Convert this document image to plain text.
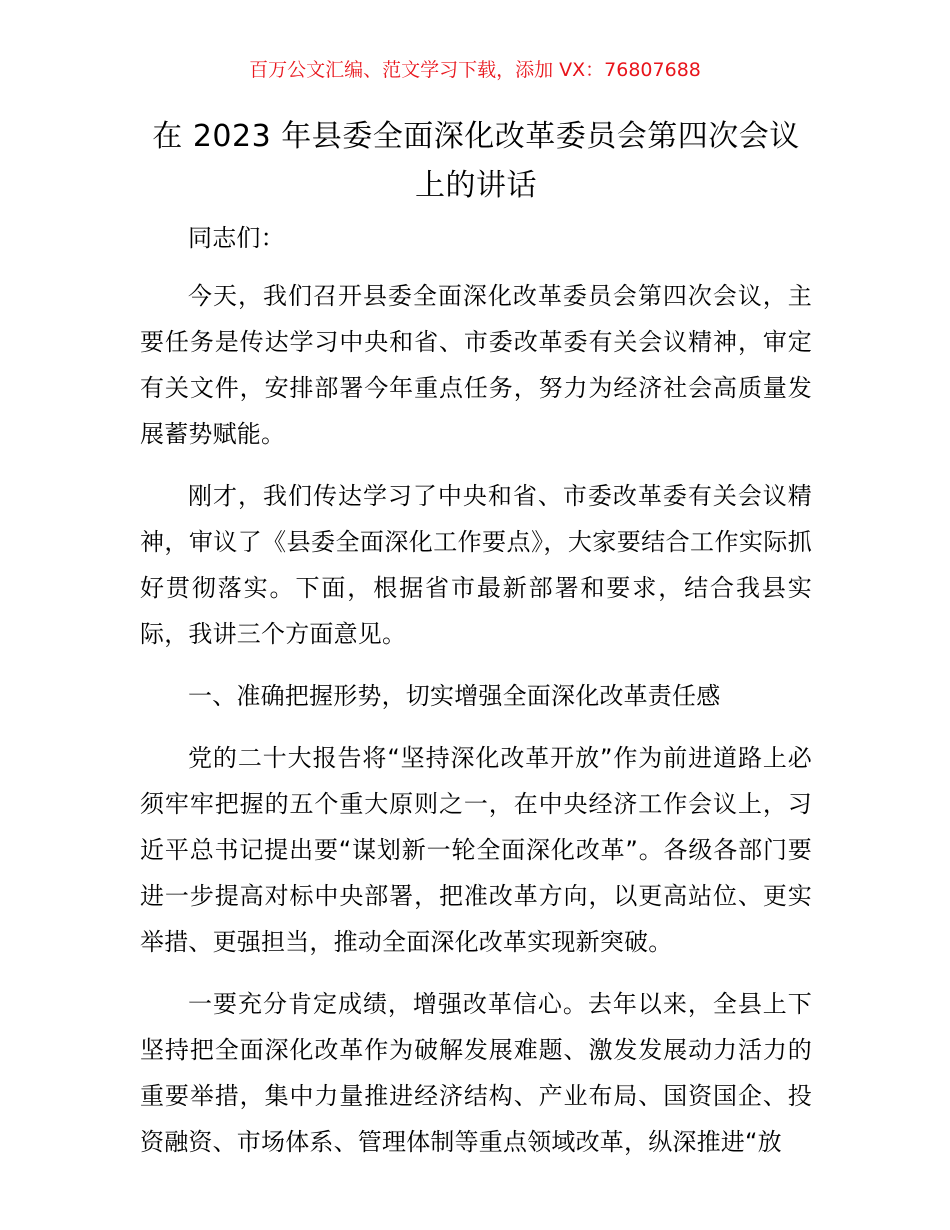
百万公文汇编、范文学习下载，添加 VX：76807688
在 2023 年县委全面深化改革委员会第四次会议上的讲话

同志们：

今天，我们召开县委全面深化改革委员会第四次会议，主要任务是传达学习中央和省、市委改革委有关会议精神，审定有关文件，安排部署今年重点任务，努力为经济社会高质量发展蓄势赋能。

刚才，我们传达学习了中央和省、市委改革委有关会议精神，审议了《县委全面深化工作要点》，大家要结合工作实际抓好贯彻落实。下面，根据省市最新部署和要求，结合我县实际，我讲三个方面意见。

一、准确把握形势，切实增强全面深化改革责任感

党的二十大报告将“坚持深化改革开放”作为前进道路上必须牢牢把握的五个重大原则之一，在中央经济工作会议上，习近平总书记提出要“谋划新一轮全面深化改革”。各级各部门要进一步提高对标中央部署，把准改革方向，以更高站位、更实举措、更强担当，推动全面深化改革实现新突破。

一要充分肯定成绩，增强改革信心。去年以来，全县上下坚持把全面深化改革作为破解发展难题、激发发展动力活力的重要举措，集中力量推进经济结构、产业布局、国资国企、投资融资、市场体系、管理体制等重点领域改革，纵深推进“放
